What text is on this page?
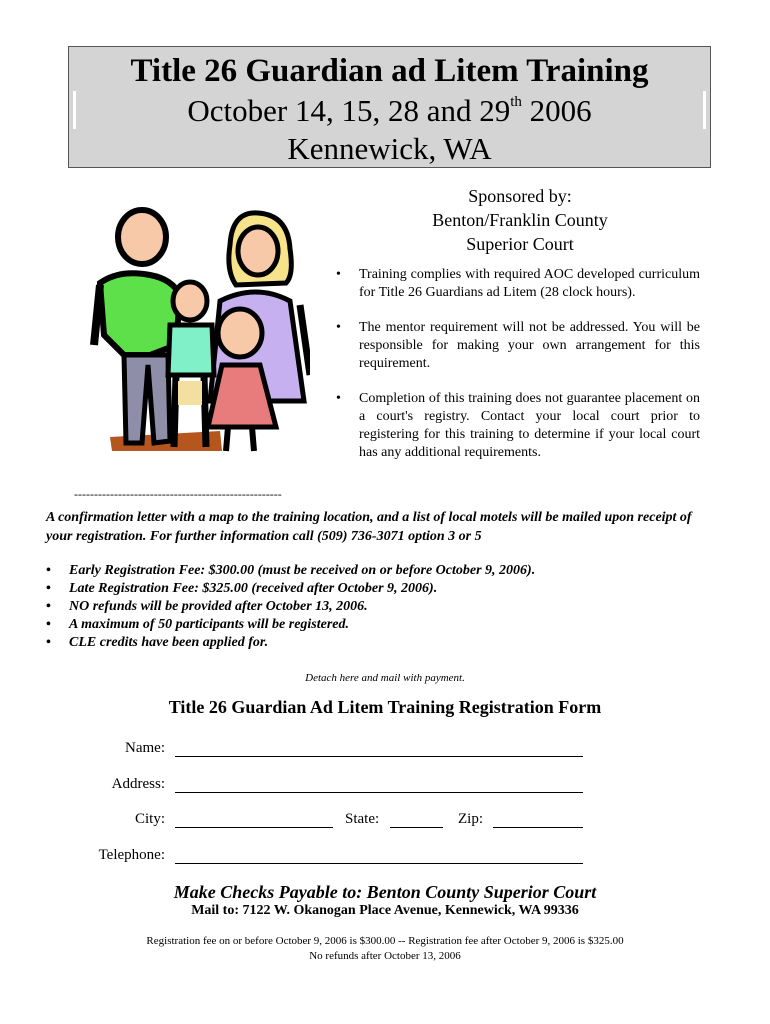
Title 26 Guardian ad Litem Training
October 14, 15, 28 and 29th 2006
Kennewick, WA
Sponsored by:
Benton/Franklin County
Superior Court
• Training complies with required AOC developed curriculum for Title 26 Guardians ad Litem (28 clock hours).
• The mentor requirement will not be addressed. You will be responsible for making your own arrangement for this requirement.
• Completion of this training does not guarantee placement on a court's registry. Contact your local court prior to registering for this training to determine if your local court has any additional requirements.
----------------------------------------------------
A confirmation letter with a map to the training location, and a list of local motels will be mailed upon receipt of your registration. For further information call (509) 736-3071 option 3 or 5
• Early Registration Fee: $300.00 (must be received on or before October 9, 2006).
• Late Registration Fee: $325.00 (received after October 9, 2006).
• NO refunds will be provided after October 13, 2006.
• A maximum of 50 participants will be registered.
• CLE credits have been applied for.
Detach here and mail with payment.
Title 26 Guardian Ad Litem Training Registration Form
Name:
Address:
City:	State:	Zip:
Telephone:
Make Checks Payable to: Benton County Superior Court
Mail to: 7122 W. Okanogan Place Avenue, Kennewick, WA 99336
Registration fee on or before October 9, 2006 is $300.00 -- Registration fee after October 9, 2006 is $325.00
No refunds after October 13, 2006
